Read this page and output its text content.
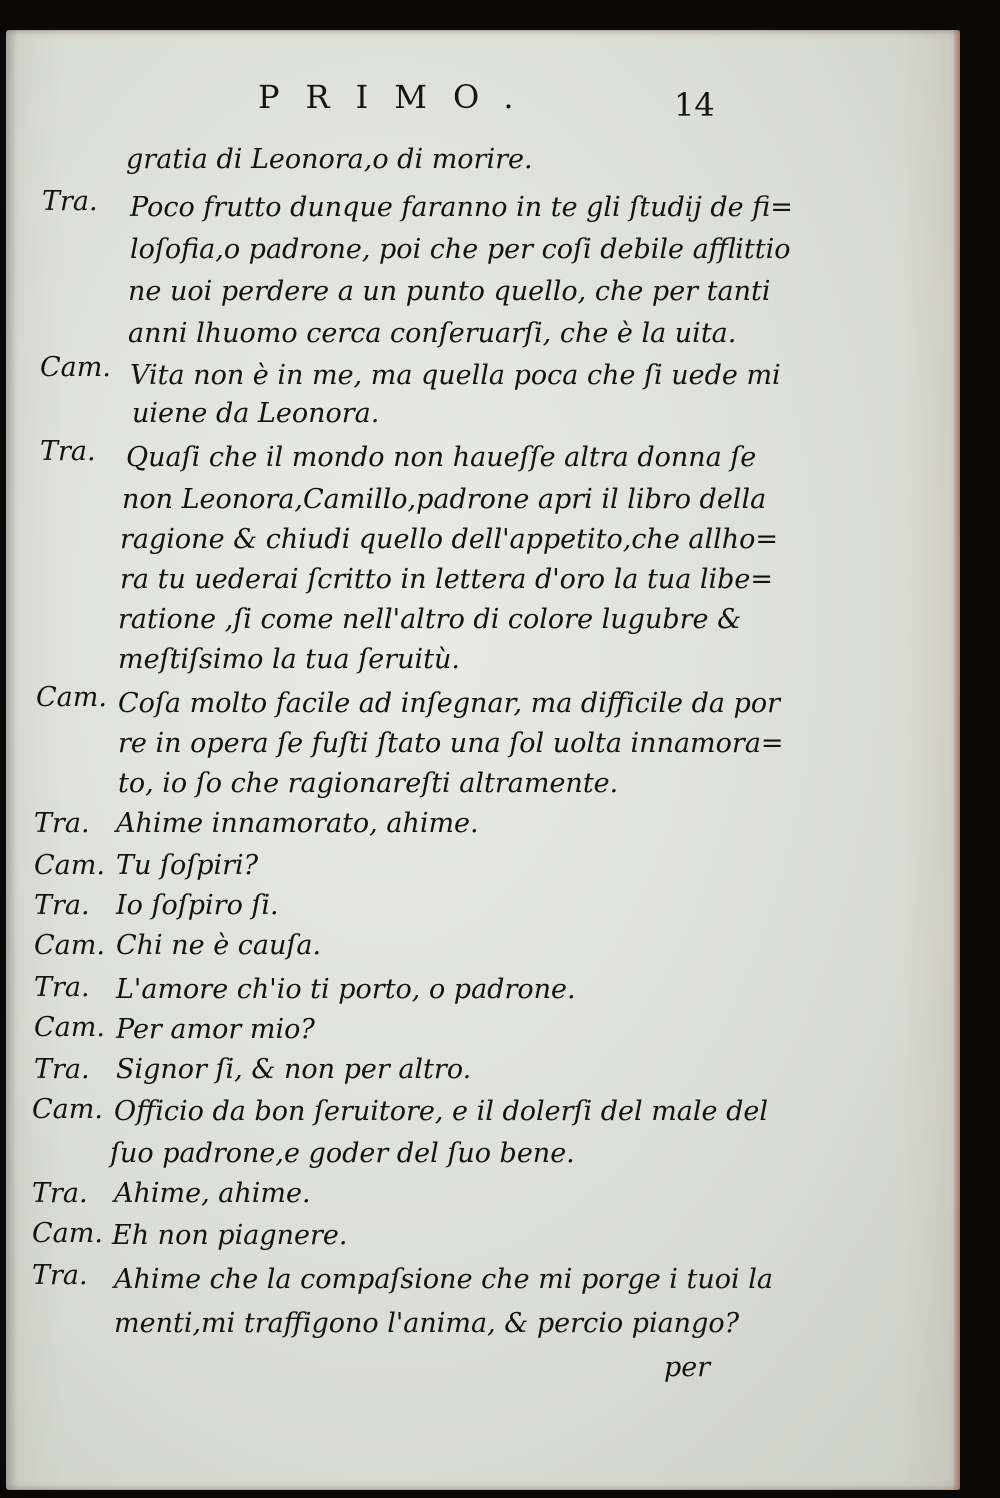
PRIMO.	14
gratia di Leonora,o di morire.
Tra. Poco frutto dunque faranno in te gli ſtudij de fi=
loſofia,o padrone, poi che per coſi debile afflittio
ne uoi perdere a un punto quello, che per tanti
anni lhuomo cerca conſeruarſi, che è la uita.
Cam. Vita non è in me, ma quella poca che ſi uede mi
uiene da Leonora.
Tra. Quaſi che il mondo non haueſſe altra donna ſe
non Leonora,Camillo,padrone apri il libro della
ragione & chiudi quello dell'appetito,che allho=
ra tu uederai ſcritto in lettera d'oro la tua libe=
ratione ,ſi come nell'altro di colore lugubre &
meſtiſsimo la tua ſeruitù.
Cam. Coſa molto facile ad inſegnar, ma difficile da por
re in opera ſe fuſti ſtato una ſol uolta innamora=
to, io ſo che ragionareſti altramente.
Tra. Ahime innamorato, ahime.
Cam. Tu ſoſpiri?
Tra. Io ſoſpiro ſi.
Cam. Chi ne è cauſa.
Tra. L'amore ch'io ti porto, o padrone.
Cam. Per amor mio?
Tra. Signor ſi, & non per altro.
Cam. Officio da bon ſeruitore, e il dolerſi del male del
ſuo padrone,e goder del ſuo bene.
Tra. Ahime, ahime.
Cam. Eh non piagnere.
Tra. Ahime che la compaſsione che mi porge i tuoi la
menti,mi traffigono l'anima, & percio piango?
per
